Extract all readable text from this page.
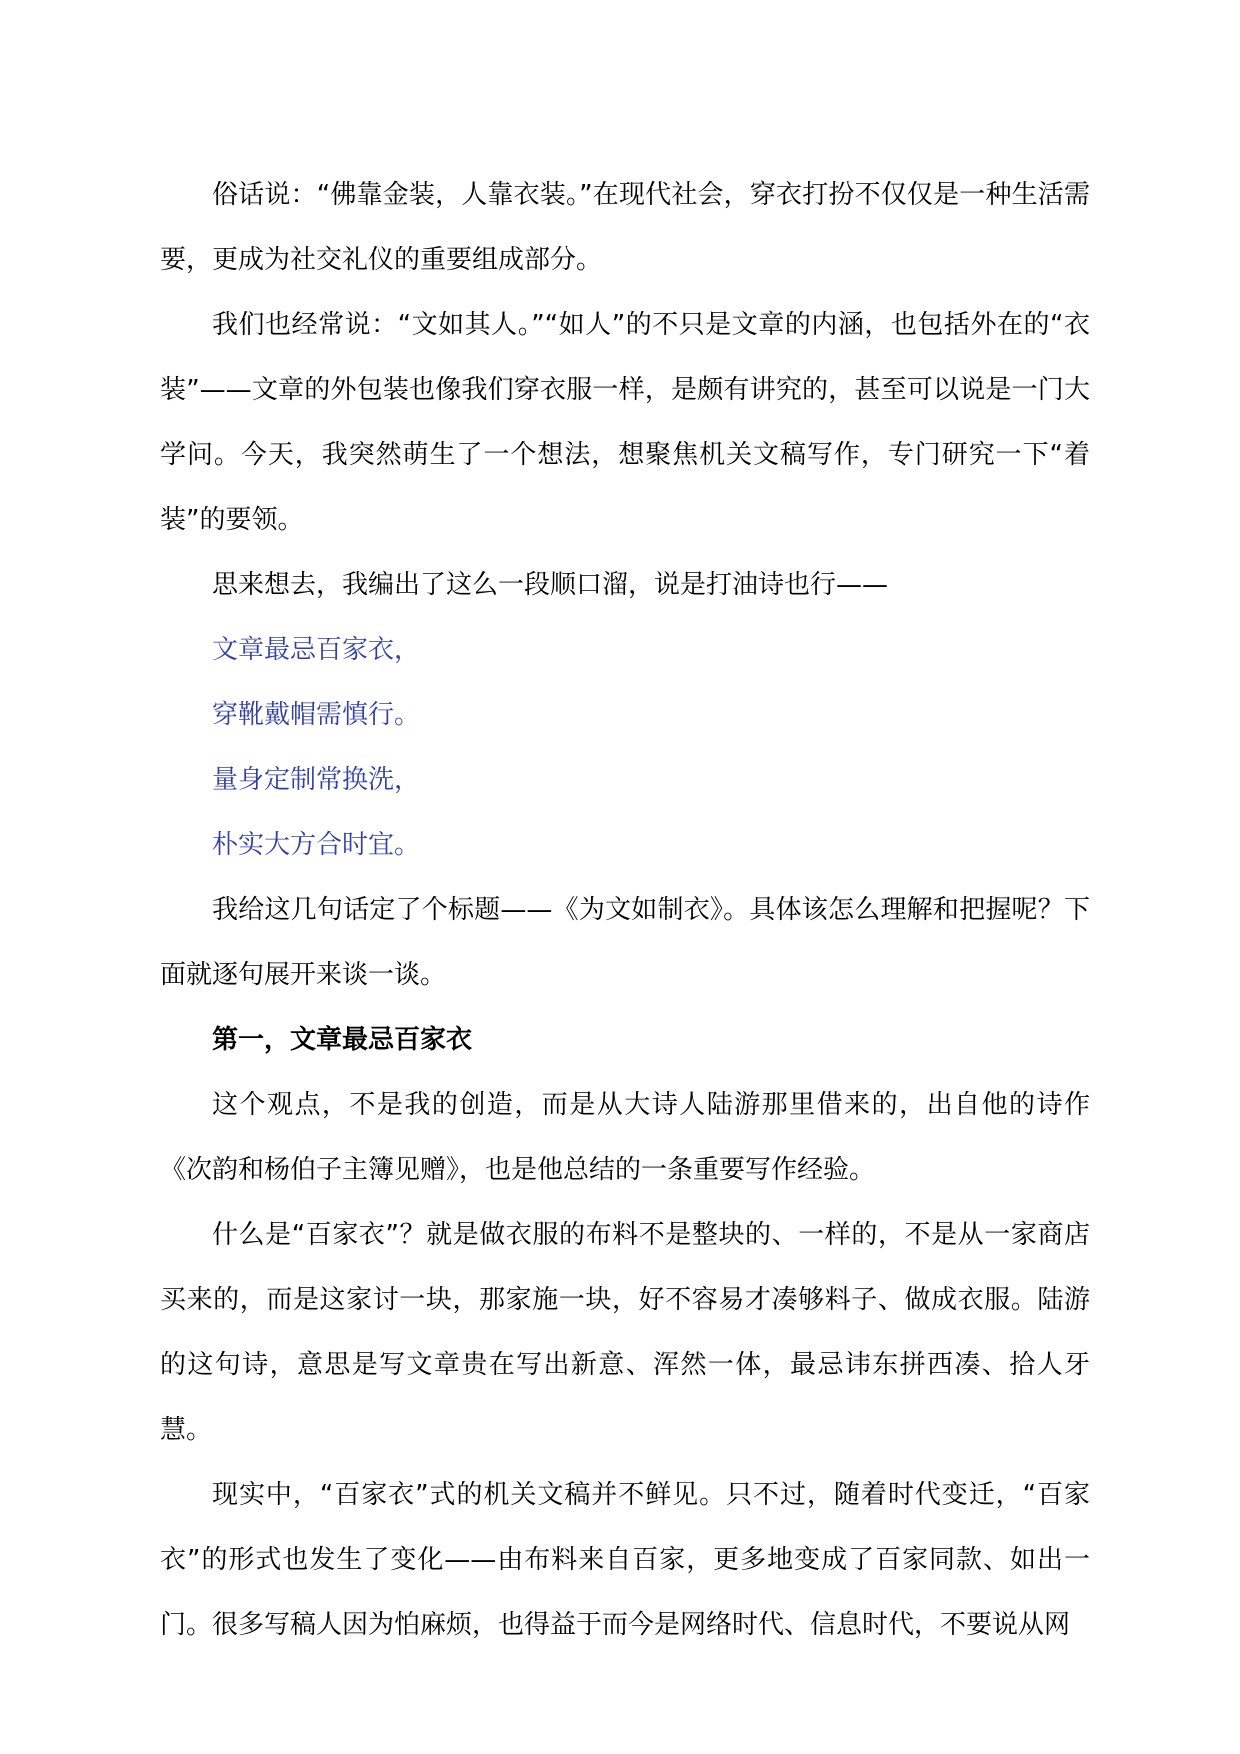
俗话说：“佛靠金装，人靠衣装。”在现代社会，穿衣打扮不仅仅是一种生活需要，更成为社交礼仪的重要组成部分。

我们也经常说：“文如其人。”“如人”的不只是文章的内涵，也包括外在的“衣装”——文章的外包装也像我们穿衣服一样，是颇有讲究的，甚至可以说是一门大学问。今天，我突然萌生了一个想法，想聚焦机关文稿写作，专门研究一下“着装”的要领。

思来想去，我编出了这么一段顺口溜，说是打油诗也行——

文章最忌百家衣，

穿靴戴帽需慎行。

量身定制常换洗，

朴实大方合时宜。

我给这几句话定了个标题——《为文如制衣》。具体该怎么理解和把握呢？下面就逐句展开来谈一谈。

第一，文章最忌百家衣

这个观点，不是我的创造，而是从大诗人陆游那里借来的，出自他的诗作《次韵和杨伯子主簿见赠》，也是他总结的一条重要写作经验。

什么是“百家衣”？就是做衣服的布料不是整块的、一样的，不是从一家商店买来的，而是这家讨一块，那家施一块，好不容易才凑够料子、做成衣服。陆游的这句诗，意思是写文章贵在写出新意、浑然一体，最忌讳东拼西凑、拾人牙慧。

现实中，“百家衣”式的机关文稿并不鲜见。只不过，随着时代变迁，“百家衣”的形式也发生了变化——由布料来自百家，更多地变成了百家同款、如出一门。很多写稿人因为怕麻烦，也得益于而今是网络时代、信息时代，不要说从网
